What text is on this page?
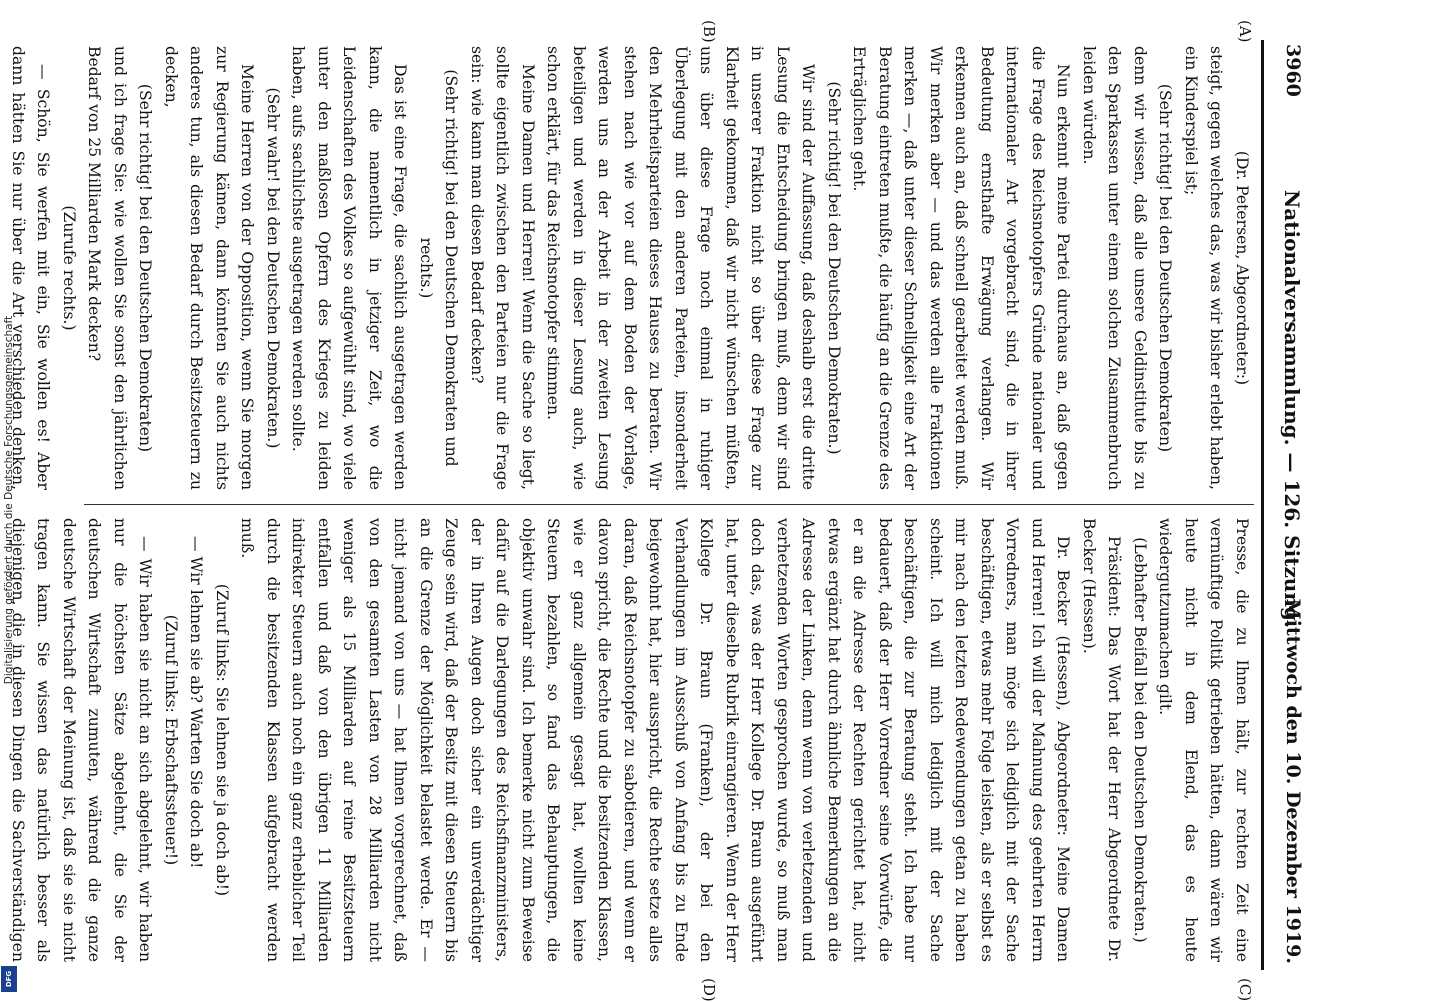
Digitalisierung gefördert durch die Deutsche Forschungsgemeinschaft
DFG
3960
Nationalversammlung. — 126. Sitzung.
Mittwoch den 10. Dezember 1919.
(A)
(B)
(C)
(D)

(Dr. Petersen, Abgeordneter:)

steigt, gegen welches das, was wir bisher erlebt haben, ein Kinderspiel ist;

(Sehr richtig! bei den Deutschen Demokraten)

denn wir wissen, daß alle unsere Geldinstitute bis zu den Sparkassen unter einem solchen Zusammenbruch leiden würden.

Nun erkennt meine Partei durchaus an, daß gegen die Frage des Reichsnotopfers Gründe nationaler und internationaler Art vorgebracht sind, die in ihrer Bedeutung ernsthafte Erwägung verlangen. Wir erkennen auch an, daß schnell gearbeitet werden muß. Wir merken aber — und das werden alle Fraktionen merken —, daß unter dieser Schnelligkeit eine Art der Beratung eintreten mußte, die häufig an die Grenze des Erträglichen geht.

(Sehr richtig! bei den Deutschen Demokraten.)

Wir sind der Auffassung, daß deshalb erst die dritte Lesung die Entscheidung bringen muß, denn wir sind in unserer Fraktion nicht so über diese Frage zur Klarheit gekommen, daß wir nicht wünschen müßten, uns über diese Frage noch einmal in ruhiger Überlegung mit den anderen Parteien, insonderheit den Mehrheitsparteien dieses Hauses zu beraten. Wir stehen nach wie vor auf dem Boden der Vorlage, werden uns an der Arbeit in der zweiten Lesung beteiligen und werden in dieser Lesung auch, wie schon erklärt, für das Reichsnotopfer stimmen.

Meine Damen und Herren! Wenn die Sache so liegt, sollte eigentlich zwischen den Parteien nur die Frage sein: wie kann man diesen Bedarf decken?

(Sehr richtig! bei den Deutschen Demokraten und rechts.)

Das ist eine Frage, die sachlich ausgetragen werden kann, die namentlich in jetziger Zeit, wo die Leidenschaften des Volkes so aufgewühlt sind, wo viele unter den maßlosen Opfern des Krieges zu leiden haben, aufs sachlichste ausgetragen werden sollte.

(Sehr wahr! bei den Deutschen Demokraten.)

Meine Herren von der Opposition, wenn Sie morgen zur Regierung kämen, dann könnten Sie auch nichts anderes tun, als diesen Bedarf durch Besitzsteuern zu decken,

(Sehr richtig! bei den Deutschen Demokraten)

und ich frage Sie: wie wollen Sie sonst den jährlichen Bedarf von 25 Milliarden Mark decken?

(Zurufe rechts.)

— Schön, Sie werfen mit ein, Sie wollen es! Aber dann hätten Sie nur über die Art verschieden denken,

Presse, die zu Ihnen hält, zur rechten Zeit eine vernünftige Politik getrieben hätten, dann wären wir heute nicht in dem Elend, das es heute wiedergutzumachen gilt.

(Lebhafter Beifall bei den Deutschen Demokraten.)

Präsident: Das Wort hat der Herr Abgeordnete Dr. Becker (Hessen).

Dr. Becker (Hessen), Abgeordneter: Meine Damen und Herren! Ich will der Mahnung des geehrten Herrn Vorredners, man möge sich lediglich mit der Sache beschäftigen, etwas mehr Folge leisten, als er selbst es mir nach den letzten Redewendungen getan zu haben scheint. Ich will mich lediglich mit der Sache beschäftigen, die zur Beratung steht. Ich habe nur bedauert, daß der Herr Vorredner seine Vorwürfe, die er an die Adresse der Rechten gerichtet hat, nicht etwas ergänzt hat durch ähnliche Bemerkungen an die Adresse der Linken, denn wenn von verletzenden und verhetzenden Worten gesprochen wurde, so muß man doch das, was der Herr Kollege Dr. Braun ausgeführt hat, unter dieselbe Rubrik einrangieren. Wenn der Herr Kollege Dr. Braun (Franken), der bei den Verhandlungen im Ausschuß von Anfang bis zu Ende beigewohnt hat, hier ausspricht, die Rechte setze alles daran, daß Reichsnotopfer zu sabotieren, und wenn er davon spricht, die Rechte und die besitzenden Klassen, wie er ganz allgemein gesagt hat, wollten keine Steuern bezahlen, so fand das Behauptungen, die objektiv unwahr sind. Ich bemerke nicht zum Beweise dafür auf die Darlegungen des Reichsfinanzministers, der in Ihren Augen doch sicher ein unverdächtiger Zeuge sein wird, daß der Besitz mit diesen Steuern bis an die Grenze der Möglichkeit belastet werde. Er — nicht jemand von uns — hat Ihnen vorgerechnet, daß von den gesamten Lasten von 28 Milliarden nicht weniger als 15 Milliarden auf reine Besitzsteuern entfallen und daß von den übrigen 11 Milliarden indirekter Steuern auch noch ein ganz erheblicher Teil durch die besitzenden Klassen aufgebracht werden muß.

(Zuruf links: Sie lehnen sie ja doch ab!)

— Wir lehnen sie ab? Warten Sie doch ab!

(Zuruf links: Erbschaftssteuer!)

— Wir haben sie nicht an sich abgelehnt, wir haben nur die höchsten Sätze abgelehnt, die Sie der deutschen Wirtschaft zumuten, während die ganze deutsche Wirtschaft der Meinung ist, daß sie sie nicht tragen kann. Sie wissen das natürlich besser als diejenigen, die in diesen Dingen die Sachverständigen
